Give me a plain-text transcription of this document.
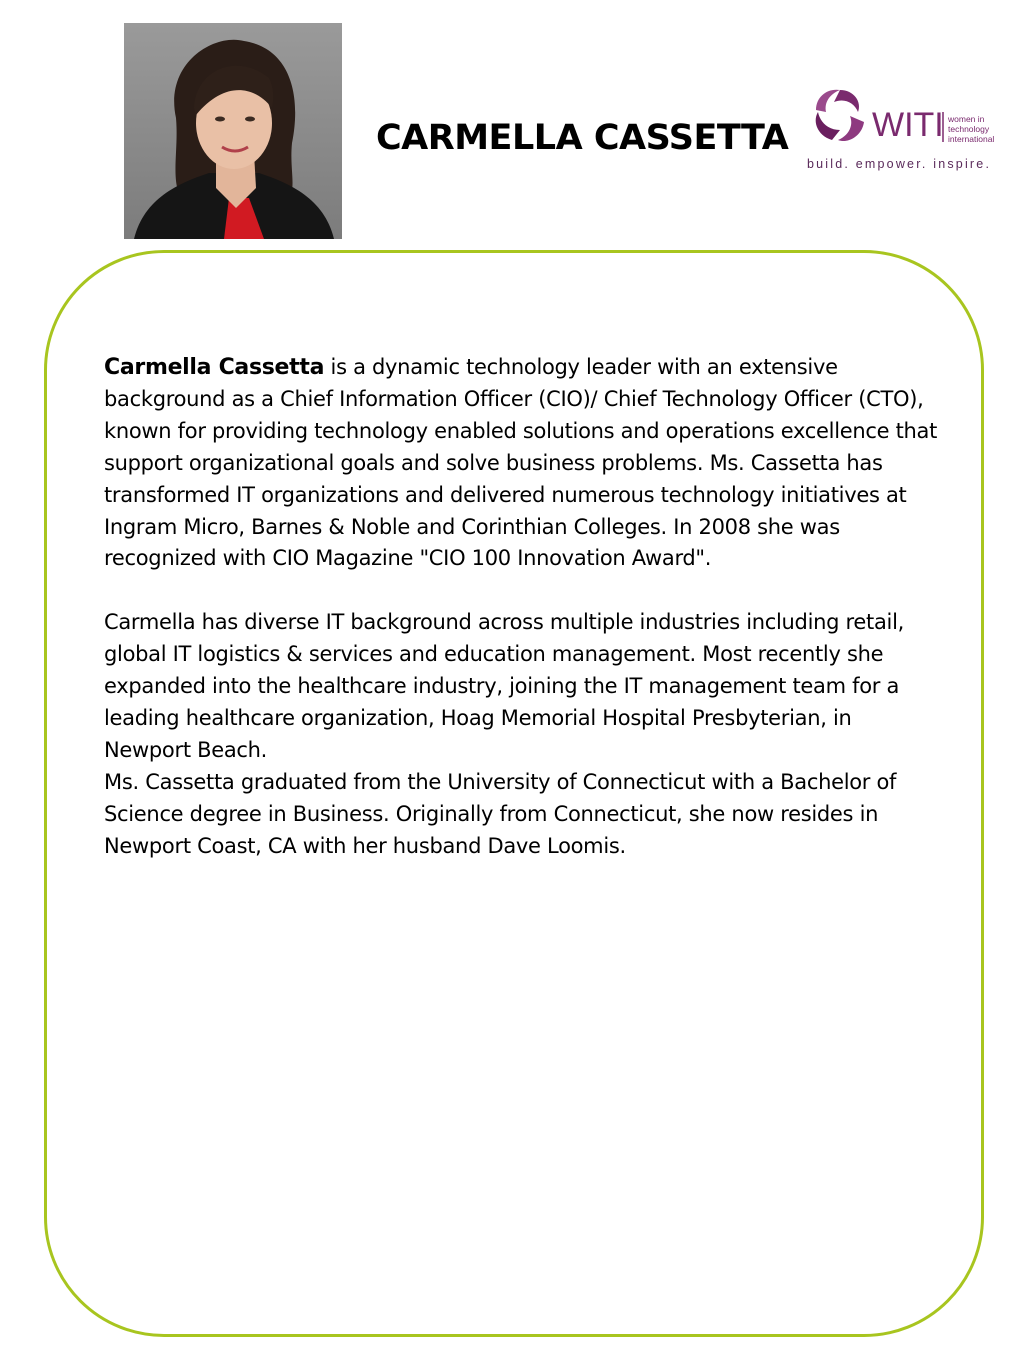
CARMELLA CASSETTA WITI women in
technology
international
build. empower. inspire.

Carmella Cassetta is a dynamic technology leader with an extensive background as a Chief Information Officer (CIO)/ Chief Technology Officer (CTO), known for providing technology enabled solutions and operations excellence that support organizational goals and solve business problems. Ms. Cassetta has transformed IT organizations and delivered numerous technology initiatives at Ingram Micro, Barnes & Noble and Corinthian Colleges. In 2008 she was recognized with CIO Magazine "CIO 100 Innovation Award".

Carmella has diverse IT background across multiple industries including retail, global IT logistics & services and education management. Most recently she expanded into the healthcare industry, joining the IT management team for a leading healthcare organization, Hoag Memorial Hospital Presbyterian, in Newport Beach.

Ms. Cassetta graduated from the University of Connecticut with a Bachelor of Science degree in Business. Originally from Connecticut, she now resides in Newport Coast, CA with her husband Dave Loomis.
